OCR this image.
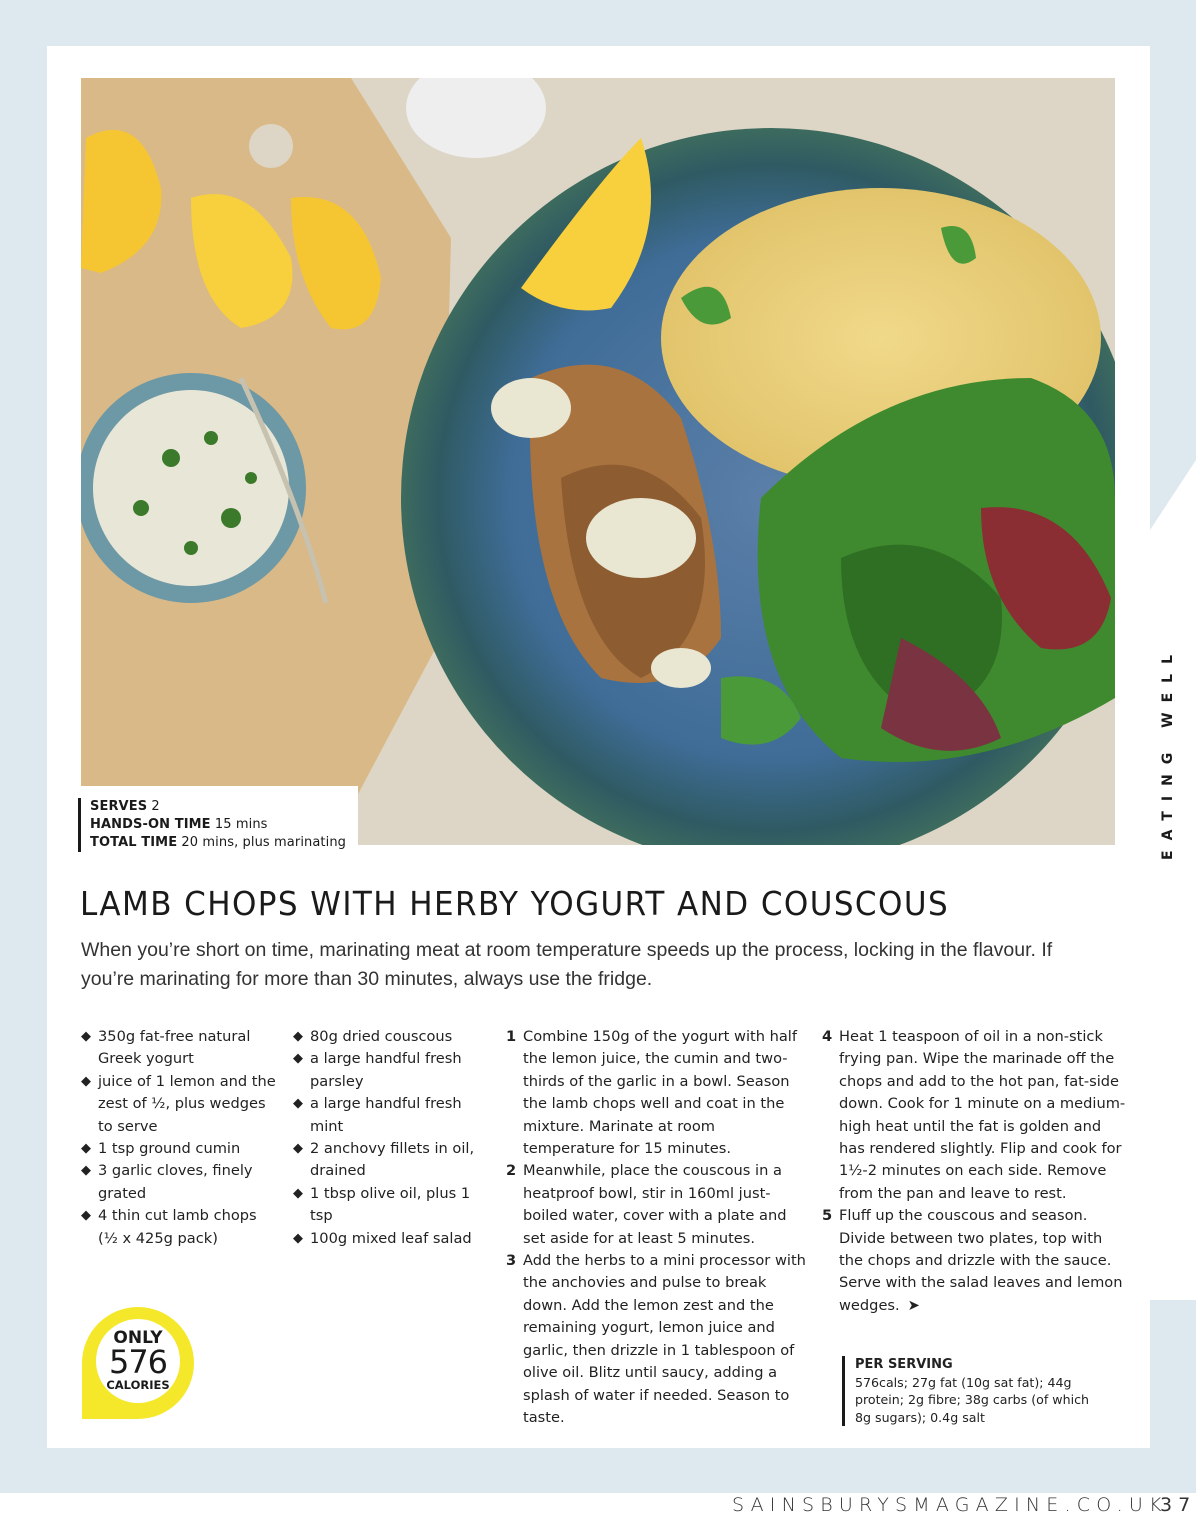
SERVES 2
HANDS-ON TIME 15 mins
TOTAL TIME 20 mins, plus marinating	EATING WELL
LAMB CHOPS WITH HERBY YOGURT AND COUSCOUS

When you’re short on time, marinating meat at room temperature speeds up the process, locking in the flavour. If you’re marinating for more than 30 minutes, always use the fridge.

◆ 350g fat-free natural Greek yogurt
◆ juice of 1 lemon and the zest of ½, plus wedges to serve
◆ 1 tsp ground cumin
◆ 3 garlic cloves, finely grated
◆ 4 thin cut lamb chops (½ x 425g pack)
◆ 80g dried couscous
◆ a large handful fresh parsley
◆ a large handful fresh mint
◆ 2 anchovy fillets in oil, drained
◆ 1 tbsp olive oil, plus 1 tsp
◆ 100g mixed leaf salad
1 Combine 150g of the yogurt with half the lemon juice, the cumin and two-thirds of the garlic in a bowl. Season the lamb chops well and coat in the mixture. Marinate at room temperature for 15 minutes.
2 Meanwhile, place the couscous in a heatproof bowl, stir in 160ml just-boiled water, cover with a plate and set aside for at least 5 minutes.
3 Add the herbs to a mini processor with the anchovies and pulse to break down. Add the lemon zest and the remaining yogurt, lemon juice and garlic, then drizzle in 1 tablespoon of olive oil. Blitz until saucy, adding a splash of water if needed. Season to taste.
4 Heat 1 teaspoon of oil in a non-stick frying pan. Wipe the marinade off the chops and add to the hot pan, fat-side down. Cook for 1 minute on a medium-high heat until the fat is golden and has rendered slightly. Flip and cook for 1½-2 minutes on each side. Remove from the pan and leave to rest.
5 Fluff up the couscous and season. Divide between two plates, top with the chops and drizzle with the sauce. Serve with the salad leaves and lemon wedges. ➤
PER SERVING
576cals; 27g fat (10g sat fat); 44g protein; 2g fibre; 38g carbs (of which 8g sugars); 0.4g salt
ONLY
576
CALORIES
SAINSBURYSMAGAZINE.CO.UK
37
